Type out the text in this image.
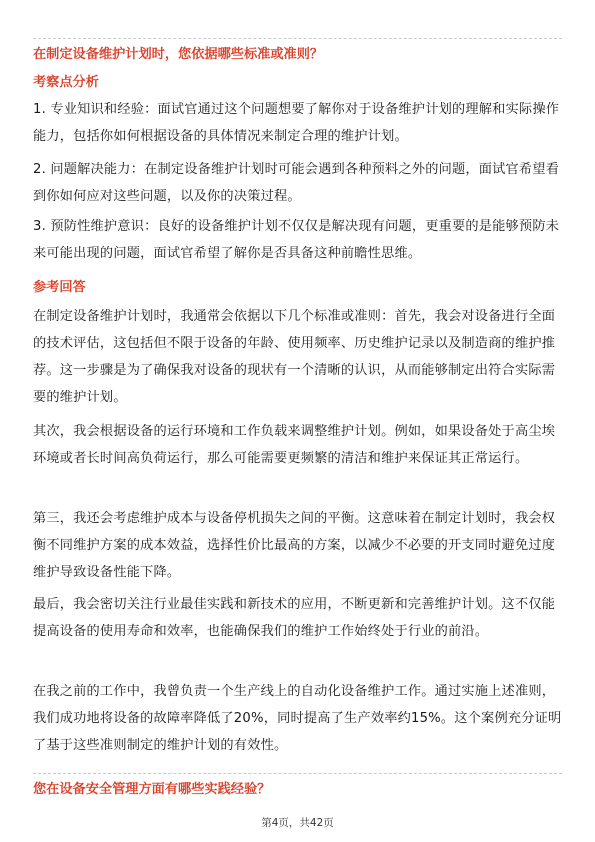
在制定设备维护计划时，您依据哪些标准或准则？
考察点分析
1. 专业知识和经验：面试官通过这个问题想要了解你对于设备维护计划的理解和实际操作能力，包括你如何根据设备的具体情况来制定合理的维护计划。
2. 问题解决能力：在制定设备维护计划时可能会遇到各种预料之外的问题，面试官希望看到你如何应对这些问题，以及你的决策过程。
3. 预防性维护意识：良好的设备维护计划不仅仅是解决现有问题，更重要的是能够预防未来可能出现的问题，面试官希望了解你是否具备这种前瞻性思维。
参考回答
在制定设备维护计划时，我通常会依据以下几个标准或准则：首先，我会对设备进行全面的技术评估，这包括但不限于设备的年龄、使用频率、历史维护记录以及制造商的维护推荐。这一步骤是为了确保我对设备的现状有一个清晰的认识，从而能够制定出符合实际需要的维护计划。
其次，我会根据设备的运行环境和工作负载来调整维护计划。例如，如果设备处于高尘埃环境或者长时间高负荷运行，那么可能需要更频繁的清洁和维护来保证其正常运行。
第三，我还会考虑维护成本与设备停机损失之间的平衡。这意味着在制定计划时，我会权衡不同维护方案的成本效益，选择性价比最高的方案，以减少不必要的开支同时避免过度维护导致设备性能下降。
最后，我会密切关注行业最佳实践和新技术的应用，不断更新和完善维护计划。这不仅能提高设备的使用寿命和效率，也能确保我们的维护工作始终处于行业的前沿。
在我之前的工作中，我曾负责一个生产线上的自动化设备维护工作。通过实施上述准则，我们成功地将设备的故障率降低了20%，同时提高了生产效率约15%。这个案例充分证明了基于这些准则制定的维护计划的有效性。
您在设备安全管理方面有哪些实践经验？
第4页，共42页
